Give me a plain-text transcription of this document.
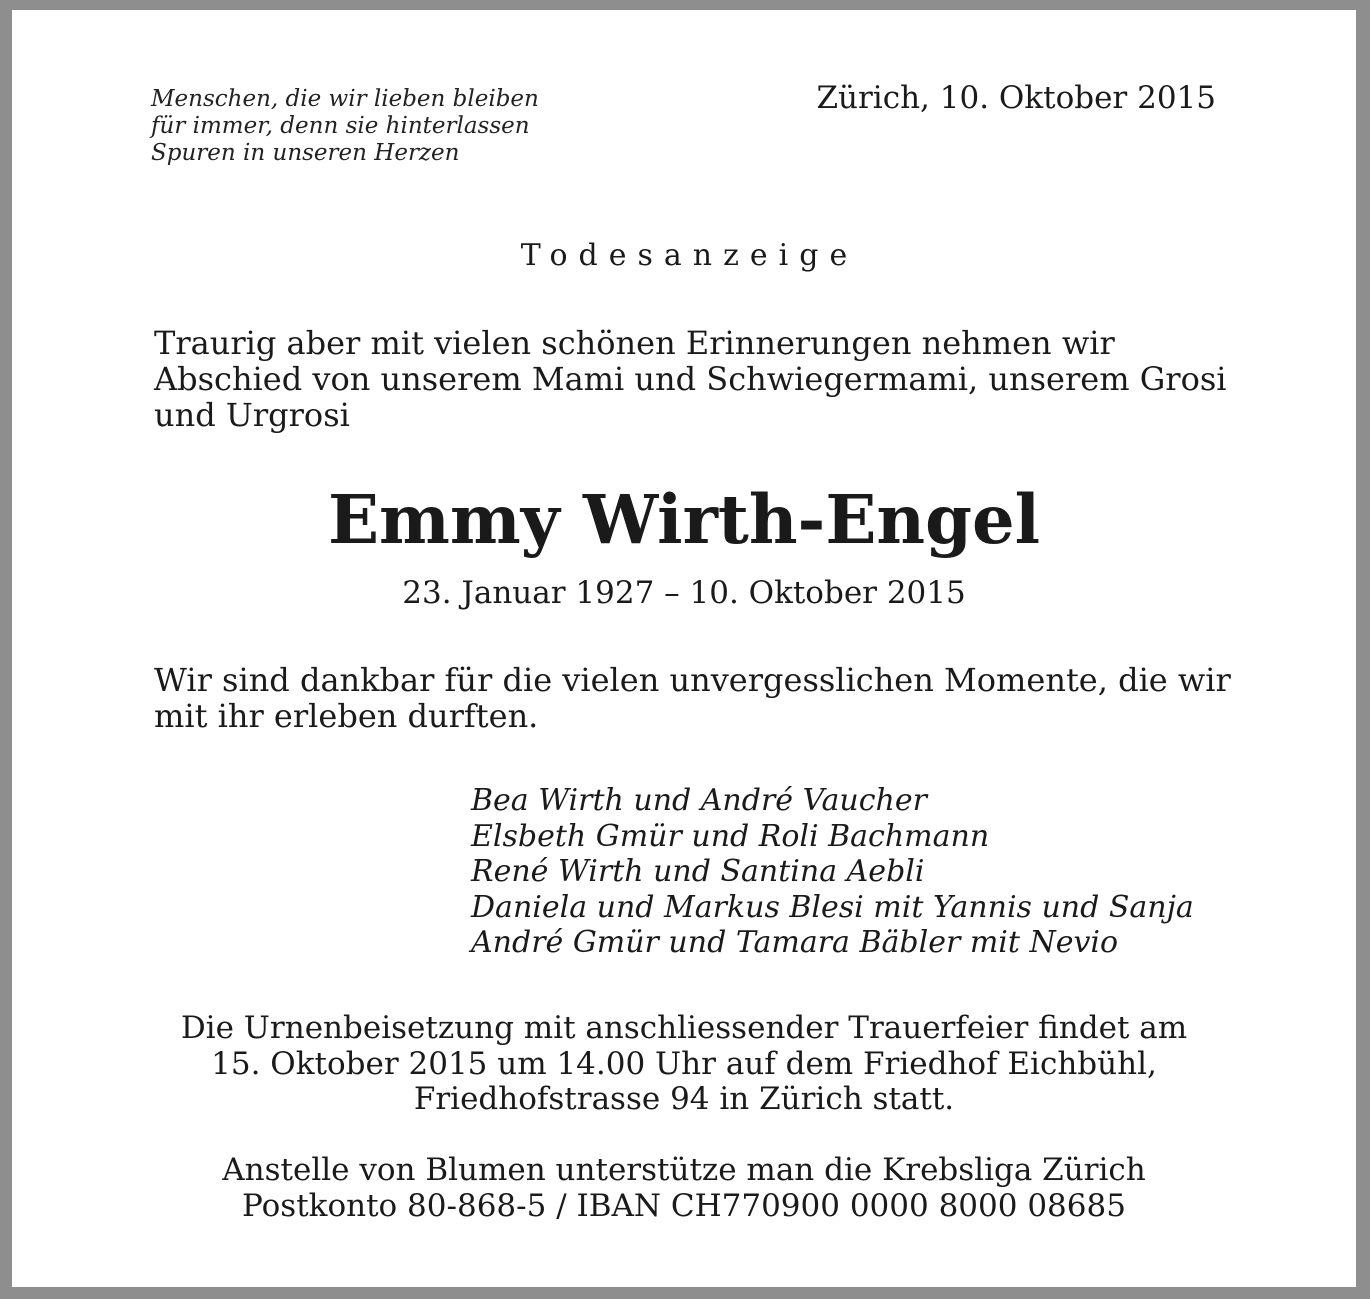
Menschen, die wir lieben bleiben
für immer, denn sie hinterlassen
Spuren in unseren Herzen
Zürich, 10. Oktober 2015
Todesanzeige
Traurig aber mit vielen schönen Erinnerungen nehmen wir
Abschied von unserem Mami und Schwiegermami, unserem Grosi
und Urgrosi
Emmy Wirth-Engel
23. Januar 1927 – 10. Oktober 2015
Wir sind dankbar für die vielen unvergesslichen Momente, die wir
mit ihr erleben durften.
Bea Wirth und André Vaucher
Elsbeth Gmür und Roli Bachmann
René Wirth und Santina Aebli
Daniela und Markus Blesi mit Yannis und Sanja
André Gmür und Tamara Bäbler mit Nevio
Die Urnenbeisetzung mit anschliessender Trauerfeier findet am
15. Oktober 2015 um 14.00 Uhr auf dem Friedhof Eichbühl,
Friedhofstrasse 94 in Zürich statt.
Anstelle von Blumen unterstütze man die Krebsliga Zürich
Postkonto 80-868-5 / IBAN CH770900 0000 8000 08685
